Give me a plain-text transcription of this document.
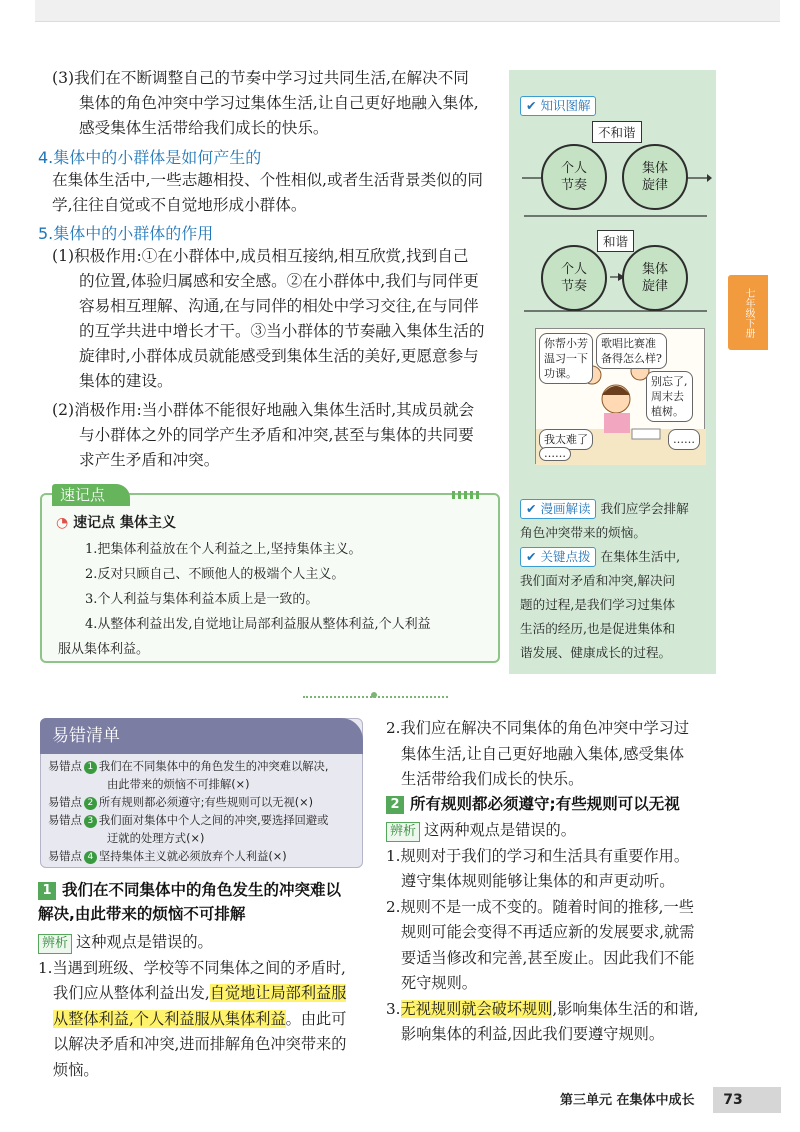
(3)我们在不断调整自己的节奏中学习过共同生活,在解决不同
集体的角色冲突中学习过集体生活,让自己更好地融入集体,
感受集体生活带给我们成长的快乐。
4.集体中的小群体是如何产生的
在集体生活中,一些志趣相投、个性相似,或者生活背景类似的同
学,往往自觉或不自觉地形成小群体。
5.集体中的小群体的作用
(1)积极作用:①在小群体中,成员相互接纳,相互欣赏,找到自己
的位置,体验归属感和安全感。②在小群体中,我们与同伴更
容易相互理解、沟通,在与同伴的相处中学习交往,在与同伴
的互学共进中增长才干。③当小群体的节奏融入集体生活的
旋律时,小群体成员就能感受到集体生活的美好,更愿意参与
集体的建设。
(2)消极作用:当小群体不能很好地融入集体生活时,其成员就会
与小群体之外的同学产生矛盾和冲突,甚至与集体的共同要
求产生矛盾和冲突。
✔ 知识图解
不和谐
个人
节奏
集体
旋律
和谐
个人
节奏
集体
旋律
你帮小芳
温习一下
功课。
歌唱比赛准
备得怎么样?
别忘了,
周末去
植树。
我太难了
……
……
✔ 漫画解读 我们应学会排解
角色冲突带来的烦恼。
✔ 关键点拨 在集体生活中,
我们面对矛盾和冲突,解决问
题的过程,是我们学习过集体
生活的经历,也是促进集体和
谐发展、健康成长的过程。
七年级下册
速记点
◔ 速记点 集体主义
1.把集体利益放在个人利益之上,坚持集体主义。
2.反对只顾自己、不顾他人的极端个人主义。
3.个人利益与集体利益本质上是一致的。
4.从整体利益出发,自觉地让局部利益服从整体利益,个人利益
服从集体利益。
易错清单
易错点 1 我们在不同集体中的角色发生的冲突难以解决,
由此带来的烦恼不可排解(×)
易错点 2 所有规则都必须遵守;有些规则可以无视(×)
易错点 3 我们面对集体中个人之间的冲突,要选择回避或
迂就的处理方式(×)
易错点 4 坚持集体主义就必须放弃个人利益(×)
1 我们在不同集体中的角色发生的冲突难以
解决,由此带来的烦恼不可排解
辨析 这种观点是错误的。
1.当遇到班级、学校等不同集体之间的矛盾时,
我们应从整体利益出发,自觉地让局部利益服
从整体利益,个人利益服从集体利益。由此可
以解决矛盾和冲突,进而排解角色冲突带来的
烦恼。
2.我们应在解决不同集体的角色冲突中学习过
集体生活,让自己更好地融入集体,感受集体
生活带给我们成长的快乐。
2 所有规则都必须遵守;有些规则可以无视
辨析 这两种观点是错误的。
1.规则对于我们的学习和生活具有重要作用。
遵守集体规则能够让集体的和声更动听。
2.规则不是一成不变的。随着时间的推移,一些
规则可能会变得不再适应新的发展要求,就需
要适当修改和完善,甚至废止。因此我们不能
死守规则。
3.无视规则就会破坏规则,影响集体生活的和谐,
影响集体的利益,因此我们要遵守规则。
第三单元 在集体中成长	73
